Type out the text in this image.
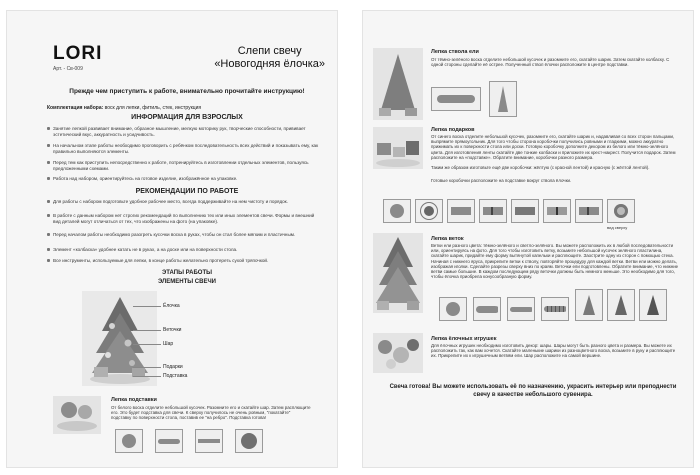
LORI
Арт. - Св-009
Слепи свечу
«Новогодняя ёлочка»
Прежде чем приступить к работе, внимательно прочитайте инструкцию!
Комплектация набора: воск для лепки, фитиль, стек, инструкция
ИНФОРМАЦИЯ ДЛЯ ВЗРОСЛЫХ
Занятие лепкой развивает внимание, образное мышление, мелкую моторику рук, творческие способности, прививает эстетический вкус, аккуратность и усидчивость.
На начальном этапе работы необходимо проговорить с ребёнком последовательность всех действий и показывать ему, как правильно выполняются элементы.
Перед тем как приступить непосредственно к работе, потренируйтесь в изготовлении отдельных элементов, пользуясь предложенными схемами.
Работа над набором, ориентируйтесь на готовое изделие, изображённое на упаковке.
РЕКОМЕНДАЦИИ ПО РАБОТЕ
Для работы с набором подготовьте удобное рабочее место, всегда поддерживайте на нем чистоту и порядок.
В работе с данным набором нет строгих рекомендаций по выполнению тех или иных элементов свечи. Формы и внешний вид деталей могут отличаться от тех, что изображены на фото (на упаковке).
Перед началом работы необходимо разогреть кусочки воска в руках, чтобы он стал более мягким и пластичным.
Элемент «колбаска» удобнее катать не в руках, а на доске или на поверхности стола.
Все инструменты, используемые для лепки, в конце работы желательно протереть сухой тряпочкой.
ЭТАПЫ РАБОТЫ
ЭЛЕМЕНТЫ СВЕЧИ
Ёлочка
Веточки
Шар
Подарки
Подставка
Лепка подставки
От белого воска отделите небольшой кусочек. Разомните его и скатайте шар. Затем расплющите его. Это будет подставка для свечи. К сверху получилось не очень ровным, "покатайте" подставку по поверхности стола, поставив ее "на ребро". Подставка готова!
Лепка ствола ели
От тёмно-зелёного воска отделите небольшой кусочек и разомните его, скатайте шарик. Затем скатайте колбаску. С одной стороны сделайте её острее. Полученный ствол ёлочки расположите в центре подставки.
Лепка подарков
От синего воска отделите небольшой кусочек, разомните его, скатайте шарик и, надавливая со всех сторон пальцами, выпрямите прямоугольник. Для того чтобы сторона коробочки получились ровными и гладкими, можно аккуратно прижимать их к поверхности стола или доски. Готовую коробочку дополните декором из белого или тёмно-зелёного цвета. Для изготовления ленты скатайте две тонкие колбаски и приложите их крест-накрест. Получится подарок. Затем расположите на «подставке». Обратите внимание, коробочки разного размера.
Таким же образом изготовьте ещё две коробочки: жёлтую (с красной лентой) и красную (с жёлтой лентой).
Готовые коробочки расположите на подставке вокруг ствола ёлочки.
вид сверху
Лепка веток
Ветки ели разного цвета: тёмно-зелёного и светло-зелёного. Вы можете расположить их в любой последовательности или, ориентируясь на фото. Для того чтобы изготовить ветку, возьмите небольшой кусочек зелёного пластилина, скатайте шарик, придайте ему форму вытянутой капельки и расплющите. Заострите одну из сторон с помощью стека. Начиная с нижнего яруса, прикрепите ветки к стволу, повторяйте процедуру для каждой ветки. Ветви ели можно делать, изображая иголки. Сделайте разрезы сверху вниз по краям. Веточки ели подготовлены. Обратите внимание, что нижние ветви самые большие. В каждом последующем ряду веточки должны быть немного меньше. Это необходимо для того, чтобы ёлочка приобрела конусообразную форму.
Лепка ёлочных игрушек
Для ёлочных игрушек необходимо изготовить декор: шары. Шары могут быть разного цвета и размера. Вы можете их расположить так, как вам хочется. Скатайте маленькие шарики из разноцветного воска, возьмите в руку и расплющите их. Прикрепите их к игрушечным ветвям ели. Шар расположите на самой вершине.
Свеча готова! Вы можете использовать её по назначению, украсить интерьер или преподнести свечу в качестве небольшого сувенира.
